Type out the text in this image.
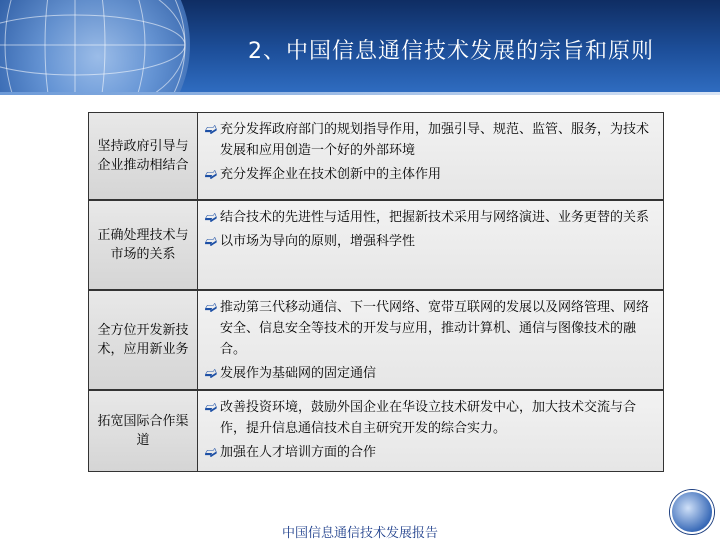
2、中国信息通信技术发展的宗旨和原则
坚持政府引导与
企业推动相结合
➫ 充分发挥政府部门的规划指导作用，加强引导、规范、监管、服务，为技术发展和应用创造一个好的外部环境
➫ 充分发挥企业在技术创新中的主体作用
正确处理技术与
市场的关系
➫ 结合技术的先进性与适用性，把握新技术采用与网络演进、业务更替的关系
➫ 以市场为导向的原则，增强科学性
全方位开发新技
术，应用新业务
➫ 推动第三代移动通信、下一代网络、宽带互联网的发展以及网络管理、网络安全、信息安全等技术的开发与应用，推动计算机、通信与图像技术的融合。
➫ 发展作为基础网的固定通信
拓宽国际合作渠
道
➫ 改善投资环境，鼓励外国企业在华设立技术研发中心，加大技术交流与合作，提升信息通信技术自主研究开发的综合实力。
➫ 加强在人才培训方面的合作
中国信息通信技术发展报告
